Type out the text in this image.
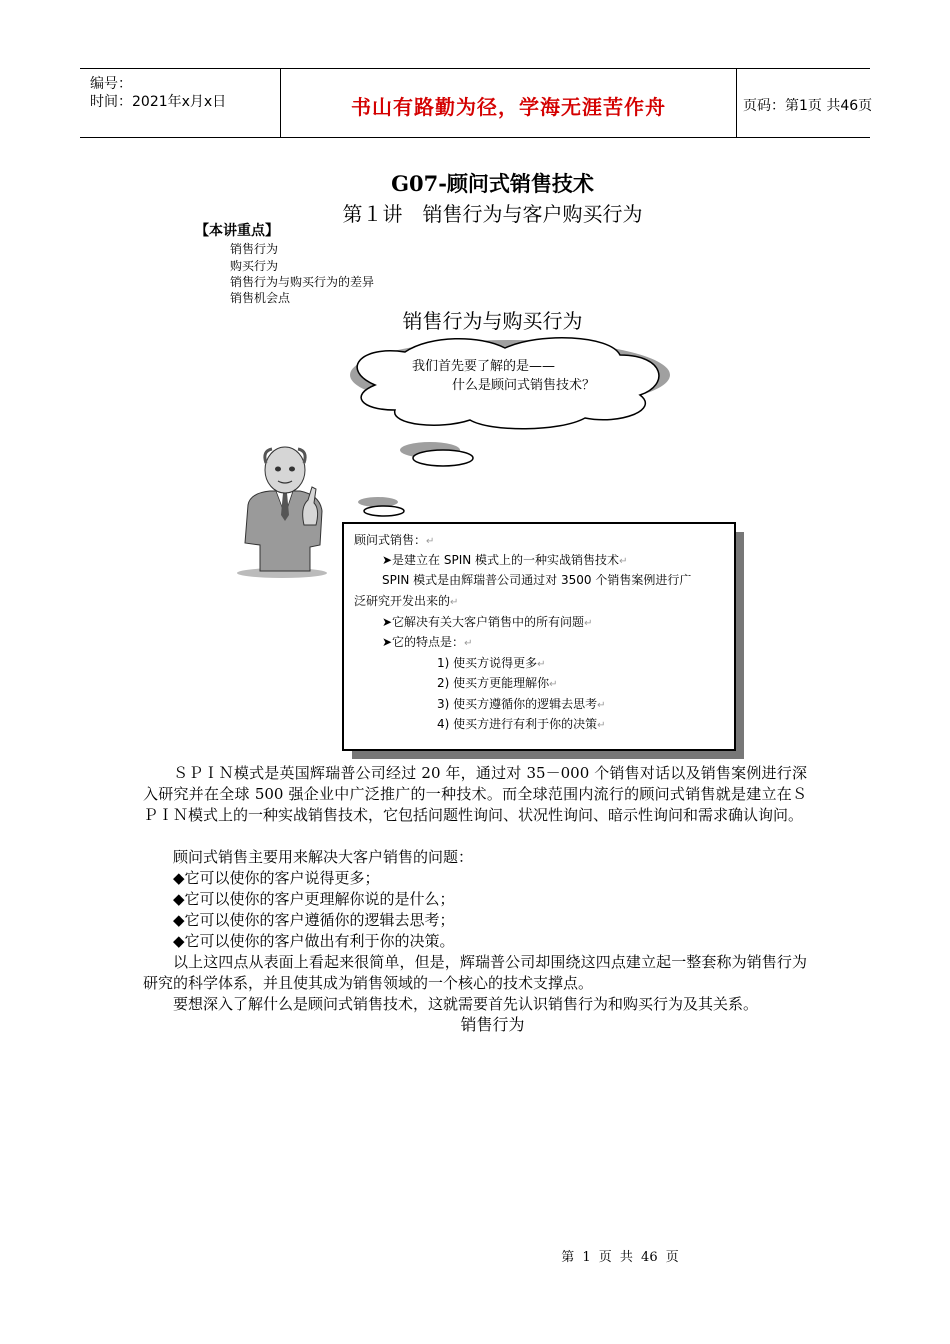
编号：
时间：2021年x月x日	书山有路勤为径，学海无涯苦作舟	页码：第1页 共46页
G07-顾问式销售技术
第１讲　销售行为与客户购买行为
【本讲重点】
销售行为
购买行为
销售行为与购买行为的差异
销售机会点
销售行为与购买行为
我们首先要了解的是——
什么是顾问式销售技术？
顾问式销售：↵
➤是建立在 SPIN 模式上的一种实战销售技术↵
SPIN 模式是由辉瑞普公司通过对 3500 个销售案例进行广
泛研究开发出来的↵
➤它解决有关大客户销售中的所有问题↵
➤它的特点是：↵
1) 使买方说得更多↵
2) 使买方更能理解你↵
3) 使买方遵循你的逻辑去思考↵
4) 使买方进行有利于你的决策↵
ＳＰＩＮ模式是英国辉瑞普公司经过 20 年，通过对 35－000 个销售对话以及销售案例进行深入研究并在全球 500 强企业中广泛推广的一种技术。而全球范围内流行的顾问式销售就是建立在ＳＰＩＮ模式上的一种实战销售技术，它包括问题性询问、状况性询问、暗示性询问和需求确认询问。
顾问式销售主要用来解决大客户销售的问题：
◆它可以使你的客户说得更多；
◆它可以使你的客户更理解你说的是什么；
◆它可以使你的客户遵循你的逻辑去思考；
◆它可以使你的客户做出有利于你的决策。
以上这四点从表面上看起来很简单，但是，辉瑞普公司却围绕这四点建立起一整套称为销售行为研究的科学体系，并且使其成为销售领域的一个核心的技术支撑点。
要想深入了解什么是顾问式销售技术，这就需要首先认识销售行为和购买行为及其关系。
销售行为
第 1 页 共 46 页
